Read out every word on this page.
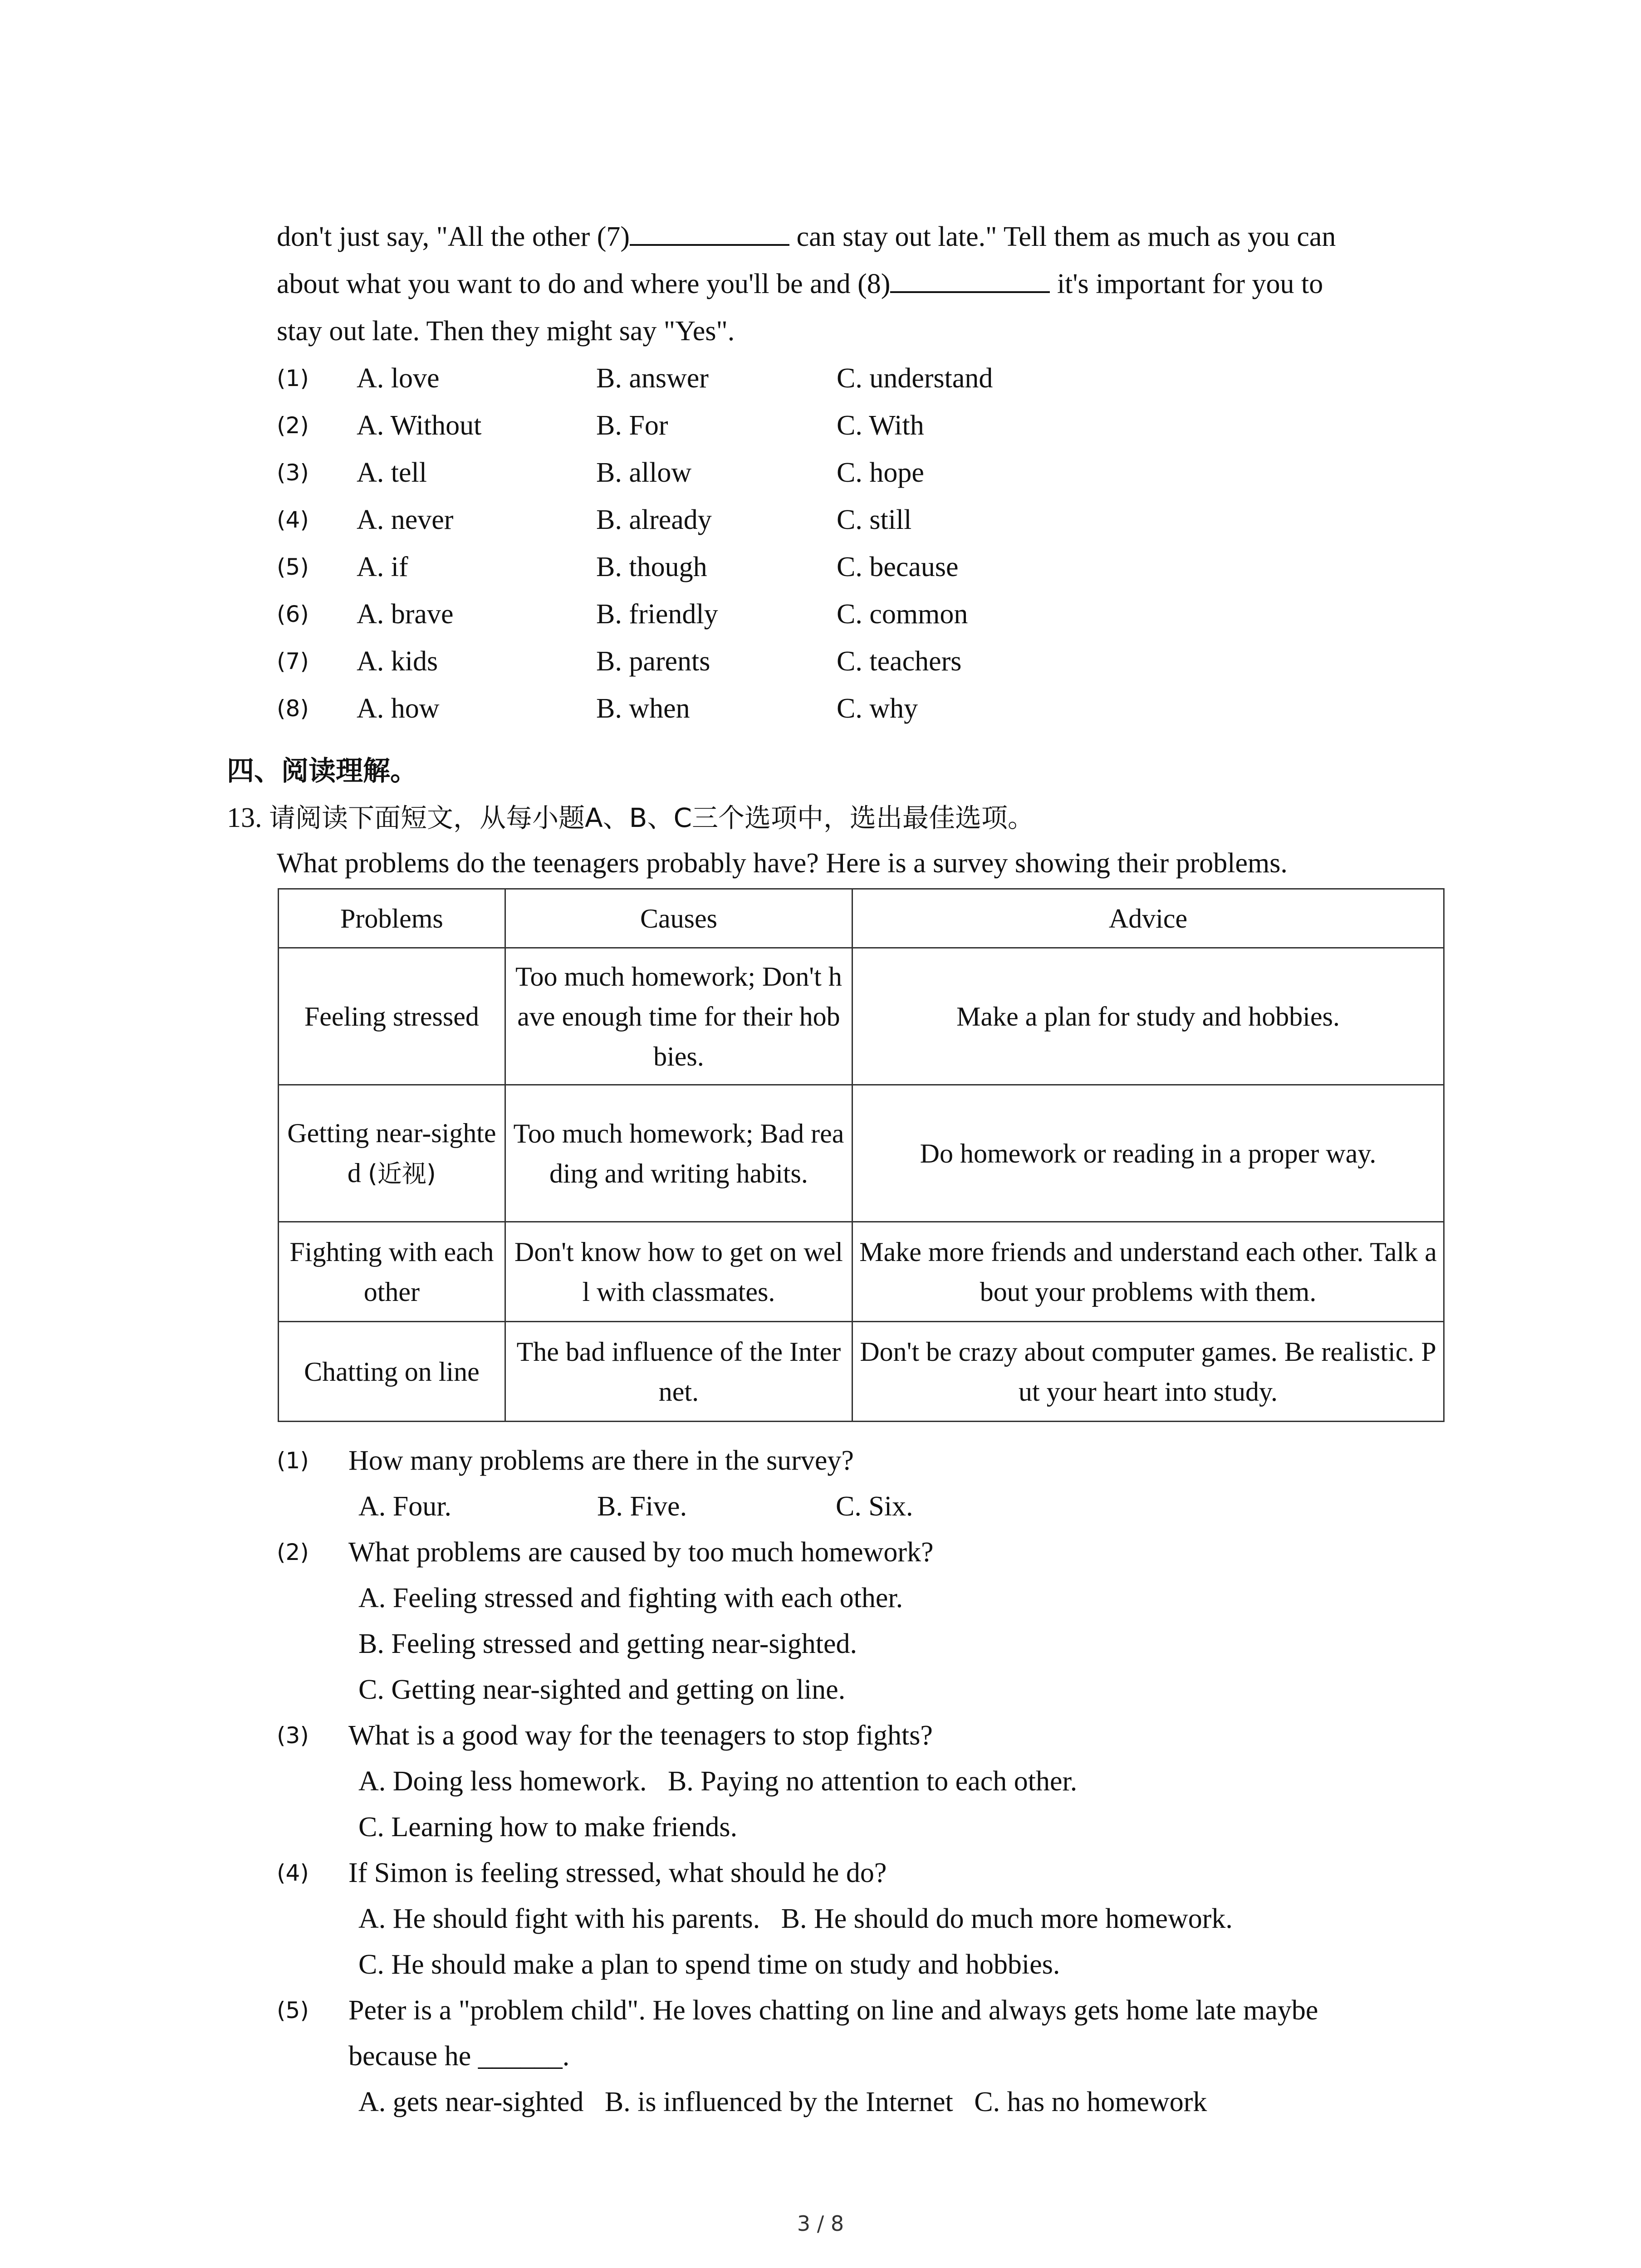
don't just say, "All the other (7)	can stay out late." Tell them as much as you can
about what you want to do and where you'll be and (8)	it's important for you to
stay out late. Then they might say "Yes".
(1)	A. love	B. answer	C. understand
(2)	A. Without	B. For	C. With
(3)	A. tell	B. allow	C. hope
(4)	A. never	B. already	C. still
(5)	A. if	B. though	C. because
(6)	A. brave	B. friendly	C. common
(7)	A. kids	B. parents	C. teachers
(8)	A. how	B. when	C. why
四、阅读理解。
13. 请阅读下面短文，从每小题A、B、C三个选项中，选出最佳选项。
What problems do the teenagers probably have? Here is a survey showing their problems.
Problems	Causes	Advice
Feeling stressed	Too much homework; Don't have enough time for their hobbies.	Make a plan for study and hobbies.
Getting near-sighted (近视)	Too much homework; Bad reading and writing habits.	Do homework or reading in a proper way.
Fighting with each other	Don't know how to get on well with classmates.	Make more friends and understand each other. Talk about your problems with them.
Chatting on line	The bad influence of the Internet.	Don't be crazy about computer games. Be realistic. Put your heart into study.
(1)	How many problems are there in the survey?
A. Four.	B. Five.	C. Six.
(2)	What problems are caused by too much homework?
A. Feeling stressed and fighting with each other.
B. Feeling stressed and getting near-sighted.
C. Getting near-sighted and getting on line.
(3)	What is a good way for the teenagers to stop fights?
A. Doing less homework.   B. Paying no attention to each other.
C. Learning how to make friends.
(4)	If Simon is feeling stressed, what should he do?
A. He should fight with his parents.   B. He should do much more homework.
C. He should make a plan to spend time on study and hobbies.
(5)	Peter is a "problem child". He loves chatting on line and always gets home late maybe
because he ______.
A. gets near-sighted   B. is influenced by the Internet   C. has no homework
3 / 8
